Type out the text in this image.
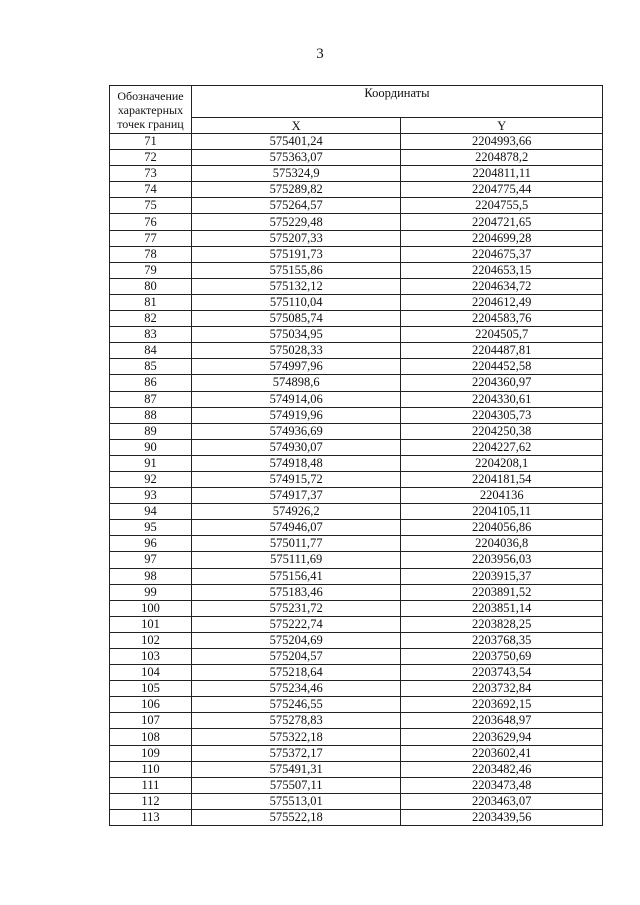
3
Обозначение характерных точек границ	Координаты	
	X	Y
71	575401,24	2204993,66
72	575363,07	2204878,2
73	575324,9	2204811,11
74	575289,82	2204775,44
75	575264,57	2204755,5
76	575229,48	2204721,65
77	575207,33	2204699,28
78	575191,73	2204675,37
79	575155,86	2204653,15
80	575132,12	2204634,72
81	575110,04	2204612,49
82	575085,74	2204583,76
83	575034,95	2204505,7
84	575028,33	2204487,81
85	574997,96	2204452,58
86	574898,6	2204360,97
87	574914,06	2204330,61
88	574919,96	2204305,73
89	574936,69	2204250,38
90	574930,07	2204227,62
91	574918,48	2204208,1
92	574915,72	2204181,54
93	574917,37	2204136
94	574926,2	2204105,11
95	574946,07	2204056,86
96	575011,77	2204036,8
97	575111,69	2203956,03
98	575156,41	2203915,37
99	575183,46	2203891,52
100	575231,72	2203851,14
101	575222,74	2203828,25
102	575204,69	2203768,35
103	575204,57	2203750,69
104	575218,64	2203743,54
105	575234,46	2203732,84
106	575246,55	2203692,15
107	575278,83	2203648,97
108	575322,18	2203629,94
109	575372,17	2203602,41
110	575491,31	2203482,46
111	575507,11	2203473,48
112	575513,01	2203463,07
113	575522,18	2203439,56
